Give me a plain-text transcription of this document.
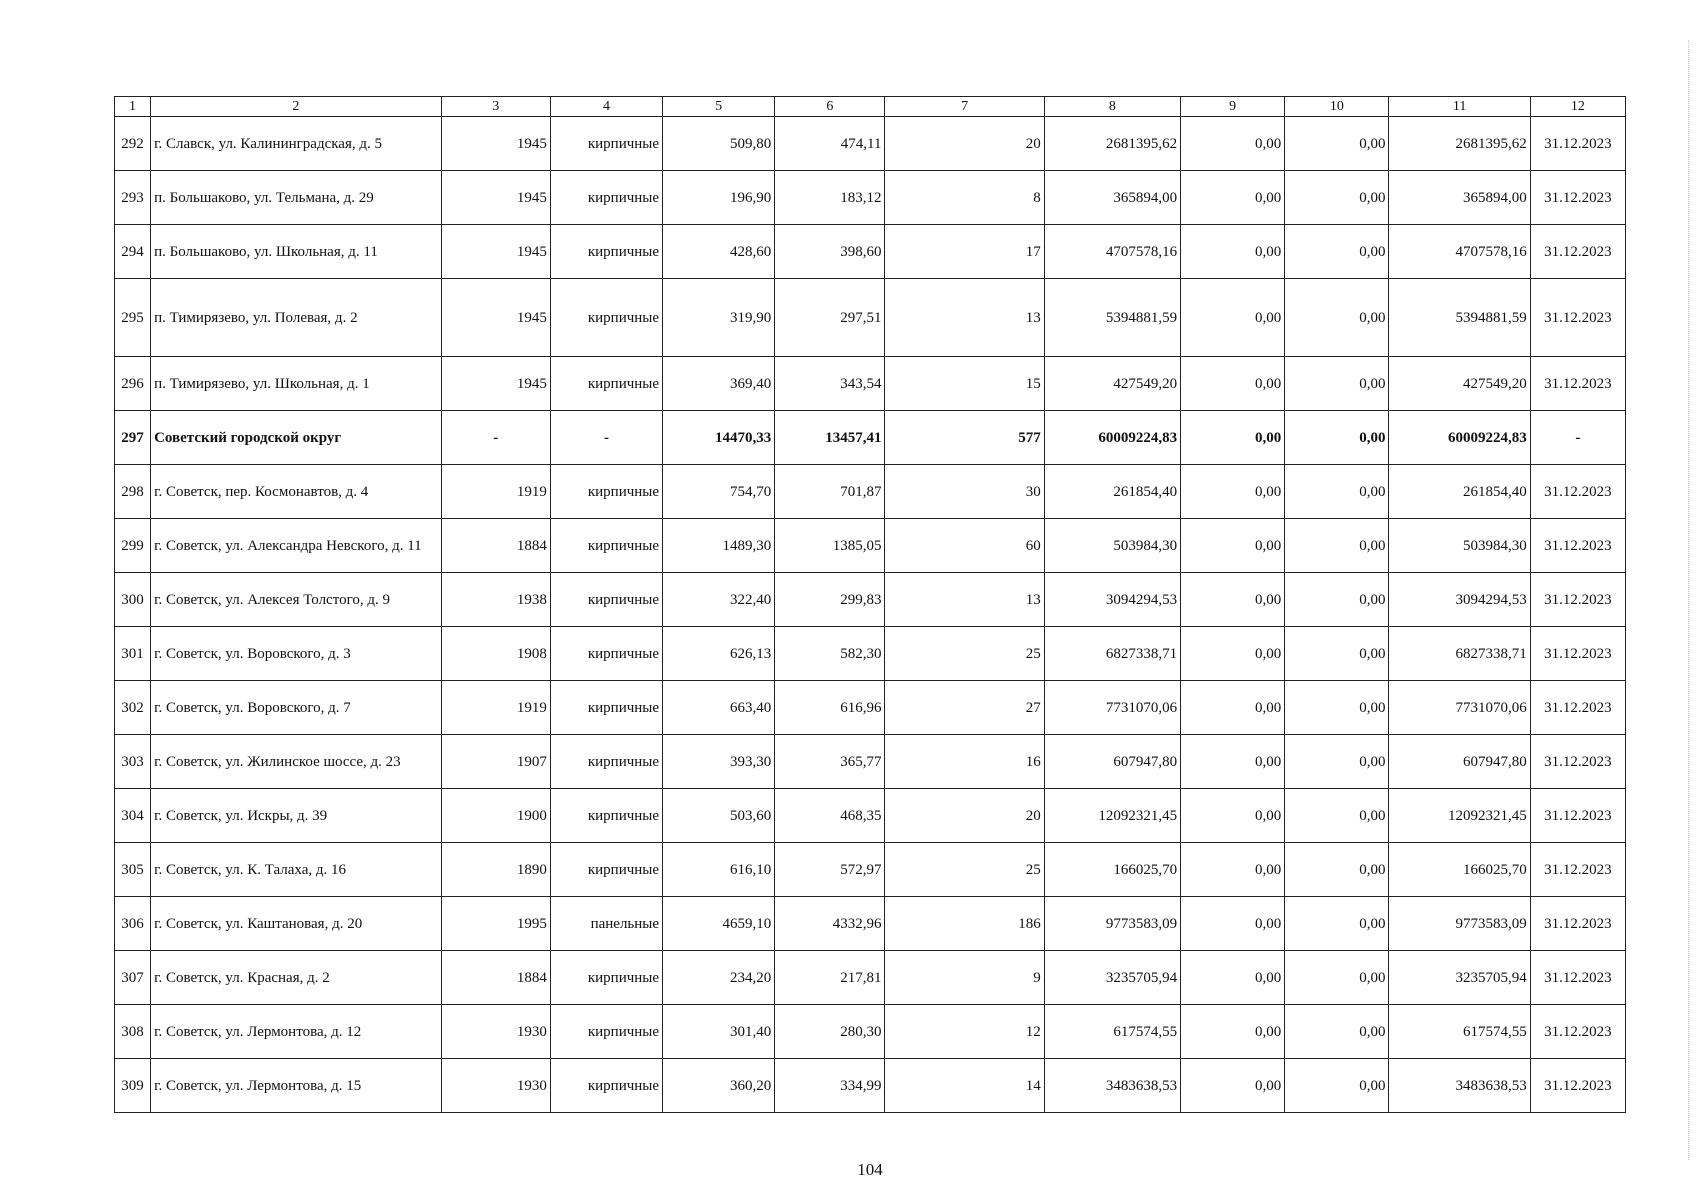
1	2	3	4	5	6	7	8	9	10	11	12
292	г. Славск, ул. Калининградская, д. 5	1945	кирпичные	509,80	474,11	20	2681395,62	0,00	0,00	2681395,62	31.12.2023
293	п. Большаково, ул. Тельмана, д. 29	1945	кирпичные	196,90	183,12	8	365894,00	0,00	0,00	365894,00	31.12.2023
294	п. Большаково, ул. Школьная, д. 11	1945	кирпичные	428,60	398,60	17	4707578,16	0,00	0,00	4707578,16	31.12.2023
295	п. Тимирязево, ул. Полевая, д. 2	1945	кирпичные	319,90	297,51	13	5394881,59	0,00	0,00	5394881,59	31.12.2023
296	п. Тимирязево, ул. Школьная, д. 1	1945	кирпичные	369,40	343,54	15	427549,20	0,00	0,00	427549,20	31.12.2023
297	Советский городской округ	-	-	14470,33	13457,41	577	60009224,83	0,00	0,00	60009224,83	-
298	г. Советск, пер. Космонавтов, д. 4	1919	кирпичные	754,70	701,87	30	261854,40	0,00	0,00	261854,40	31.12.2023
299	г. Советск, ул. Александра Невского, д. 11	1884	кирпичные	1489,30	1385,05	60	503984,30	0,00	0,00	503984,30	31.12.2023
300	г. Советск, ул. Алексея Толстого, д. 9	1938	кирпичные	322,40	299,83	13	3094294,53	0,00	0,00	3094294,53	31.12.2023
301	г. Советск, ул. Воровского, д. 3	1908	кирпичные	626,13	582,30	25	6827338,71	0,00	0,00	6827338,71	31.12.2023
302	г. Советск, ул. Воровского, д. 7	1919	кирпичные	663,40	616,96	27	7731070,06	0,00	0,00	7731070,06	31.12.2023
303	г. Советск, ул. Жилинское шоссе, д. 23	1907	кирпичные	393,30	365,77	16	607947,80	0,00	0,00	607947,80	31.12.2023
304	г. Советск, ул. Искры, д. 39	1900	кирпичные	503,60	468,35	20	12092321,45	0,00	0,00	12092321,45	31.12.2023
305	г. Советск, ул. К. Талаха, д. 16	1890	кирпичные	616,10	572,97	25	166025,70	0,00	0,00	166025,70	31.12.2023
306	г. Советск, ул. Каштановая, д. 20	1995	панельные	4659,10	4332,96	186	9773583,09	0,00	0,00	9773583,09	31.12.2023
307	г. Советск, ул. Красная, д. 2	1884	кирпичные	234,20	217,81	9	3235705,94	0,00	0,00	3235705,94	31.12.2023
308	г. Советск, ул. Лермонтова, д. 12	1930	кирпичные	301,40	280,30	12	617574,55	0,00	0,00	617574,55	31.12.2023
309	г. Советск, ул. Лермонтова, д. 15	1930	кирпичные	360,20	334,99	14	3483638,53	0,00	0,00	3483638,53	31.12.2023
104
